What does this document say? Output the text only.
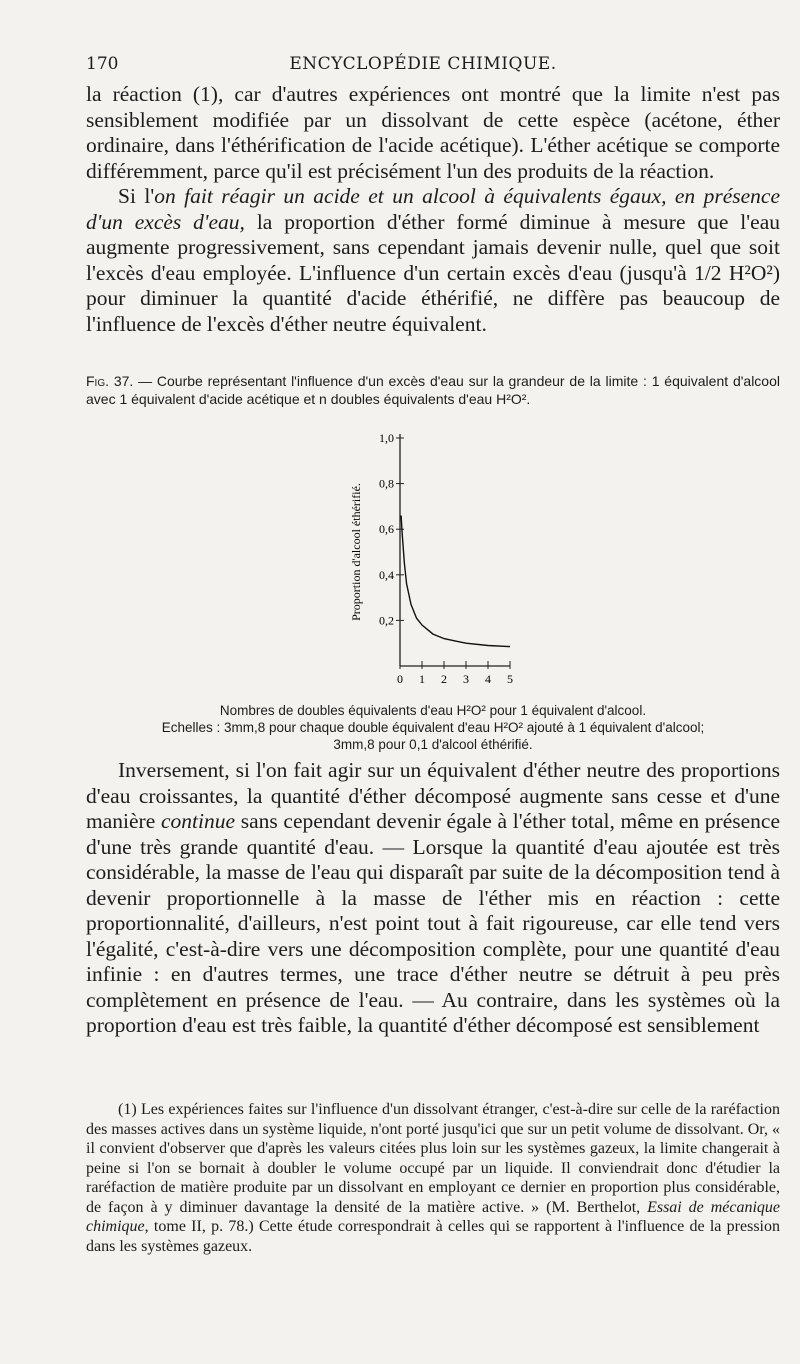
170	ENCYCLOPÉDIE CHIMIQUE.

la réaction (1), car d'autres expériences ont montré que la limite n'est pas sensiblement modifiée par un dissolvant de cette espèce (acétone, éther ordinaire, dans l'éthérification de l'acide acétique). L'éther acétique se comporte différemment, parce qu'il est précisément l'un des produits de la réaction.

Si l'on fait réagir un acide et un alcool à équivalents égaux, en présence d'un excès d'eau, la proportion d'éther formé diminue à mesure que l'eau augmente progressivement, sans cependant jamais devenir nulle, quel que soit l'excès d'eau employée. L'influence d'un certain excès d'eau (jusqu'à 1/2 H²O²) pour diminuer la quantité d'acide éthérifié, ne diffère pas beaucoup de l'influence de l'excès d'éther neutre équivalent.

Fig. 37. — Courbe représentant l'influence d'un excès d'eau sur la grandeur de la limite : 1 équivalent d'alcool avec 1 équivalent d'acide acétique et n doubles équivalents d'eau H²O².
0,2
0,4
0,6
0,8
1,0
0 1 2 3 4 5
Proportion d'alcool éthérifié.
Nombres de doubles équivalents d'eau H²O² pour 1 équivalent d'alcool.
Echelles : 3mm,8 pour chaque double équivalent d'eau H²O² ajouté à 1 équivalent d'alcool;
3mm,8 pour 0,1 d'alcool éthérifié.

Inversement, si l'on fait agir sur un équivalent d'éther neutre des proportions d'eau croissantes, la quantité d'éther décomposé augmente sans cesse et d'une manière continue sans cependant devenir égale à l'éther total, même en présence d'une très grande quantité d'eau. — Lorsque la quantité d'eau ajoutée est très considérable, la masse de l'eau qui disparaît par suite de la décomposition tend à devenir proportionnelle à la masse de l'éther mis en réaction : cette proportionnalité, d'ailleurs, n'est point tout à fait rigoureuse, car elle tend vers l'égalité, c'est-à-dire vers une décomposition complète, pour une quantité d'eau infinie : en d'autres termes, une trace d'éther neutre se détruit à peu près complètement en présence de l'eau. — Au contraire, dans les systèmes où la proportion d'eau est très faible, la quantité d'éther décomposé est sensiblement

(1) Les expériences faites sur l'influence d'un dissolvant étranger, c'est-à-dire sur celle de la raréfaction des masses actives dans un système liquide, n'ont porté jusqu'ici que sur un petit volume de dissolvant. Or, « il convient d'observer que d'après les valeurs citées plus loin sur les systèmes gazeux, la limite changerait à peine si l'on se bornait à doubler le volume occupé par un liquide. Il conviendrait donc d'étudier la raréfaction de matière produite par un dissolvant en employant ce dernier en proportion plus considérable, de façon à y diminuer davantage la densité de la matière active. » (M. Berthelot, Essai de mécanique chimique, tome II, p. 78.) Cette étude correspondrait à celles qui se rapportent à l'influence de la pression dans les systèmes gazeux.
